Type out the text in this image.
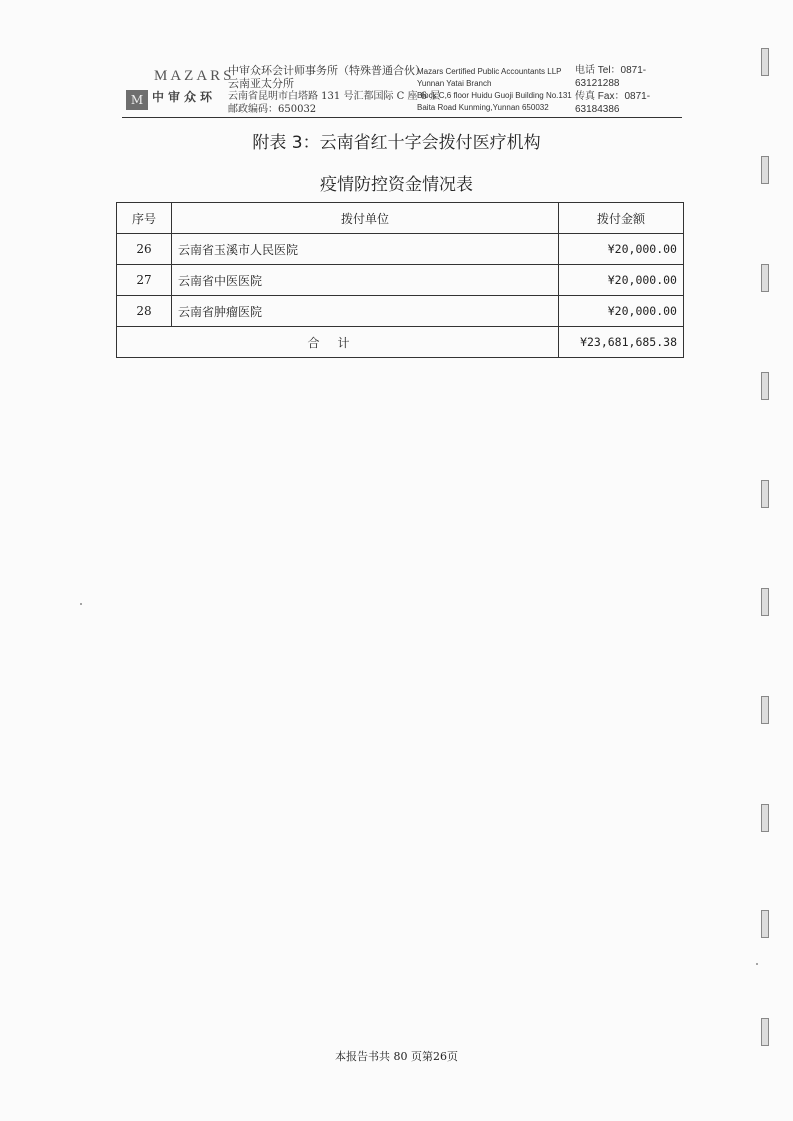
M
MAZARS
中审众环
中审众环会计师事务所（特殊普通合伙）
云南亚太分所
云南省昆明市白塔路 131 号汇都国际 C 座 6 层
邮政编码：650032
Mazars Certified Public Accountants LLP
Yunnan Yatai Branch
Block C,6 floor Huidu Guoji Building No.131
Baita Road Kunming,Yunnan 650032
电话 Tel：0871-63121288
传真 Fax：0871-63184386
附表 3：云南省红十字会拨付医疗机构
疫情防控资金情况表
序号	拨付单位	拨付金额
26	云南省玉溪市人民医院	¥20,000.00
27	云南省中医医院	¥20,000.00
28	云南省肿瘤医院	¥20,000.00
合计		¥23,681,685.38
本报告书共 80 页第26页
